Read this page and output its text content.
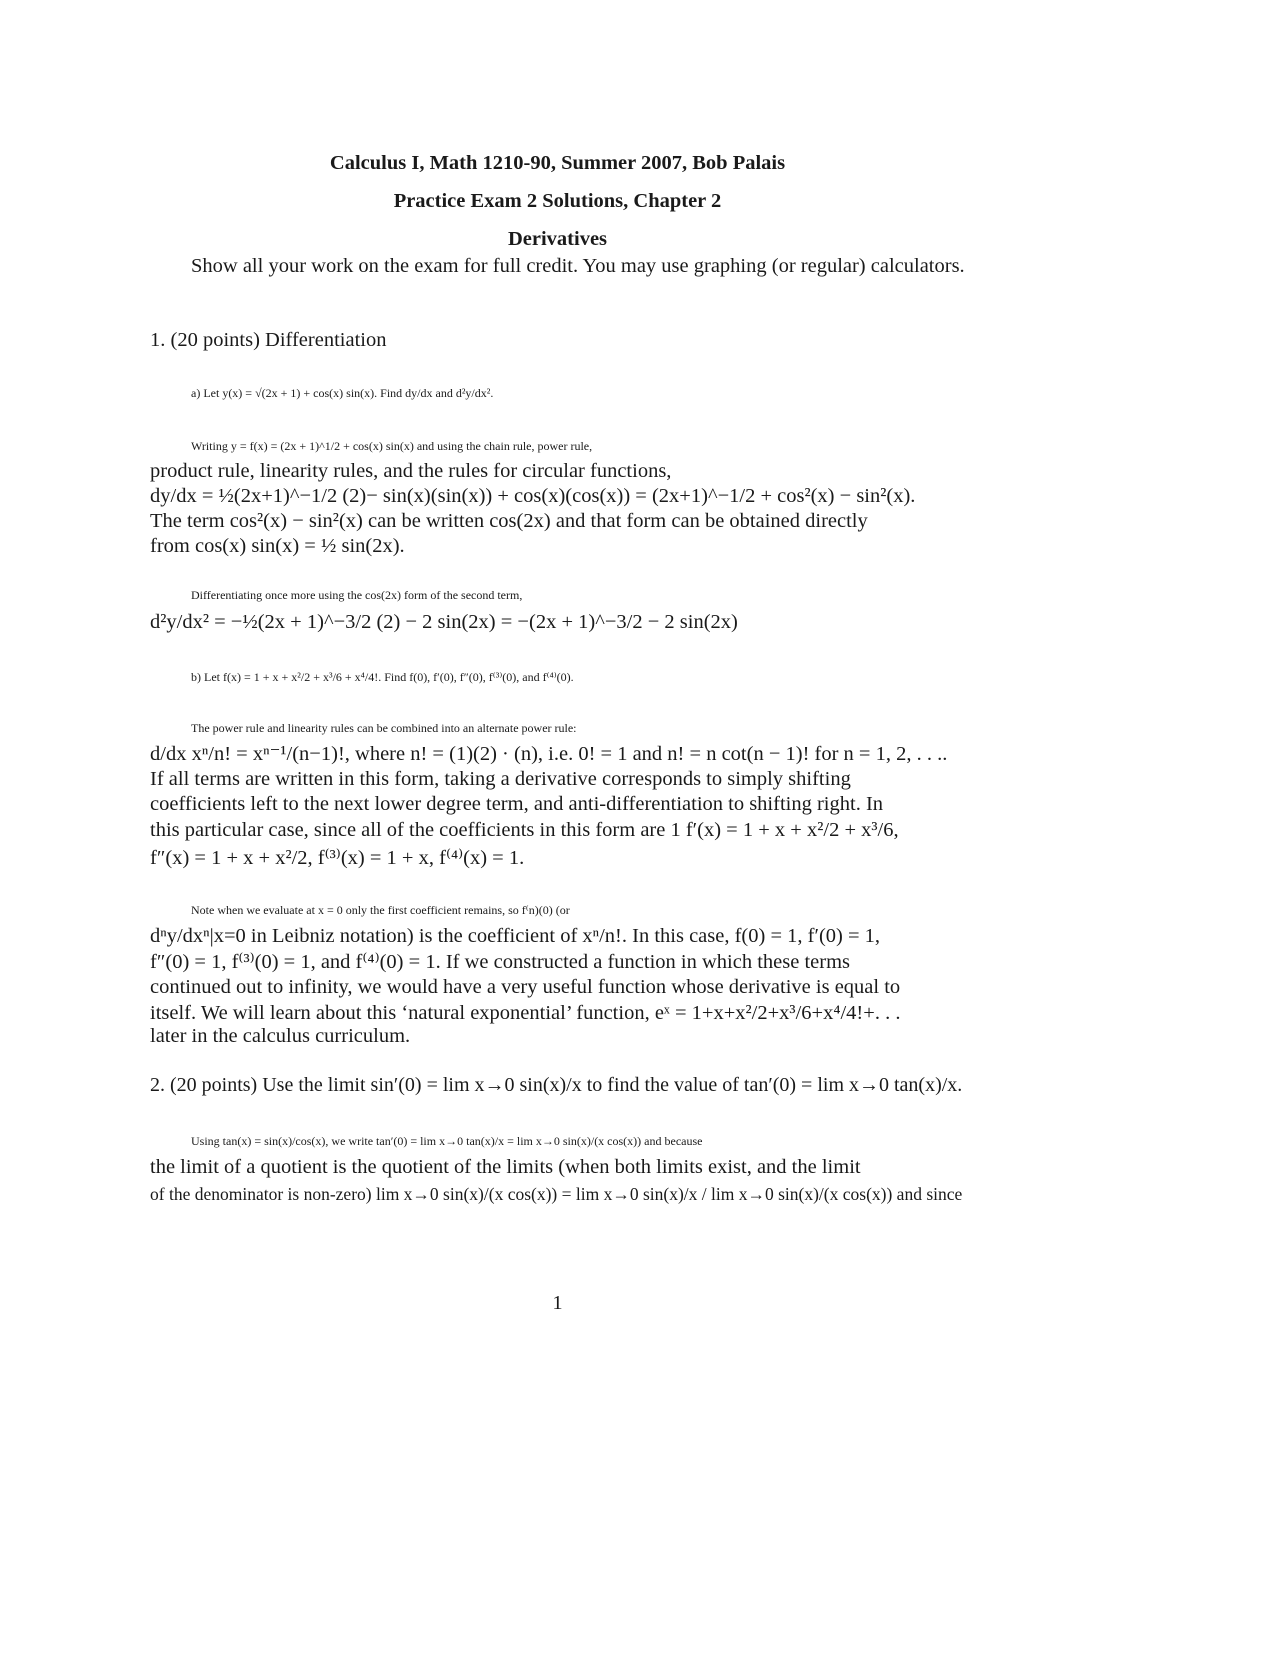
Calculus I, Math 1210-90, Summer 2007, Bob Palais
Practice Exam 2 Solutions, Chapter 2
Derivatives
Show all your work on the exam for full credit. You may use graphing (or regular) calculators.
1. (20 points) Differentiation
a) Let y(x) = √(2x + 1) + cos(x) sin(x). Find dy/dx and d²y/dx².
Writing y = f(x) = (2x + 1)^1/2 + cos(x) sin(x) and using the chain rule, power rule,
product rule, linearity rules, and the rules for circular functions,
dy/dx = ½(2x+1)^−1/2 (2)− sin(x)(sin(x)) + cos(x)(cos(x)) = (2x+1)^−1/2 + cos²(x) − sin²(x).
The term cos²(x) − sin²(x) can be written cos(2x) and that form can be obtained directly
from cos(x) sin(x) = ½ sin(2x).
Differentiating once more using the cos(2x) form of the second term,
d²y/dx² = −½(2x + 1)^−3/2 (2) − 2 sin(2x) = −(2x + 1)^−3/2 − 2 sin(2x)
b) Let f(x) = 1 + x + x²/2 + x³/6 + x⁴/4!. Find f(0), f′(0), f″(0), f⁽³⁾(0), and f⁽⁴⁾(0).
The power rule and linearity rules can be combined into an alternate power rule:
d/dx xⁿ/n! = xⁿ⁻¹/(n−1)!, where n! = (1)(2) · (n), i.e. 0! = 1 and n! = n cot(n − 1)! for n = 1, 2, . . ..
If all terms are written in this form, taking a derivative corresponds to simply shifting
coefficients left to the next lower degree term, and anti-differentiation to shifting right. In
this particular case, since all of the coefficients in this form are 1 f′(x) = 1 + x + x²/2 + x³/6,
f″(x) = 1 + x + x²/2, f⁽³⁾(x) = 1 + x, f⁽⁴⁾(x) = 1.
Note when we evaluate at x = 0 only the first coefficient remains, so f⁽n)(0) (or
dⁿy/dxⁿ|x=0 in Leibniz notation) is the coefficient of xⁿ/n!. In this case, f(0) = 1, f′(0) = 1,
f″(0) = 1, f⁽³⁾(0) = 1, and f⁽⁴⁾(0) = 1. If we constructed a function in which these terms
continued out to infinity, we would have a very useful function whose derivative is equal to
itself. We will learn about this ‘natural exponential’ function, eˣ = 1+x+x²/2+x³/6+x⁴/4!+. . .
later in the calculus curriculum.
2. (20 points) Use the limit sin′(0) = lim x→0 sin(x)/x to find the value of tan′(0) = lim x→0 tan(x)/x.
Using tan(x) = sin(x)/cos(x), we write tan′(0) = lim x→0 tan(x)/x = lim x→0 sin(x)/(x cos(x)) and because
the limit of a quotient is the quotient of the limits (when both limits exist, and the limit
of the denominator is non-zero) lim x→0 sin(x)/(x cos(x)) = lim x→0 sin(x)/x / lim x→0 sin(x)/(x cos(x)) and since
1
